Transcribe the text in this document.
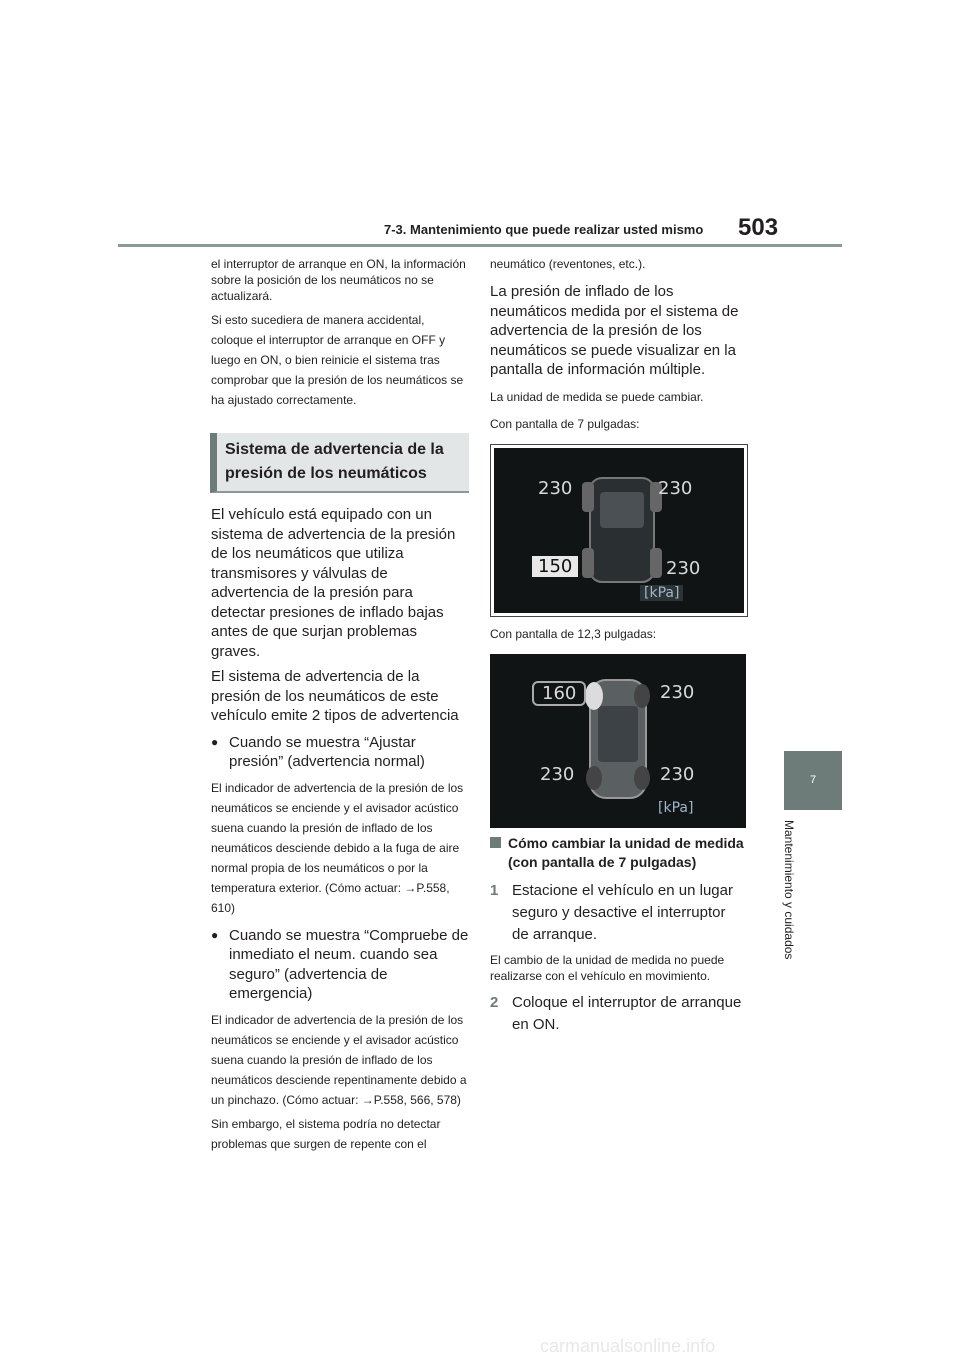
7-3. Mantenimiento que puede realizar usted mismo 503
7
Mantenimiento y cuidados

el interruptor de arranque en ON, la información sobre la posición de los neumáticos no se actualizará.

Si esto sucediera de manera accidental, coloque el interruptor de arranque en OFF y luego en ON, o bien reinicie el sistema tras comprobar que la presión de los neumáticos se ha ajustado correctamente.

Sistema de advertencia de la presión de los neumáticos

El vehículo está equipado con un sistema de advertencia de la presión de los neumáticos que utiliza transmisores y válvulas de advertencia de la presión para detectar presiones de inflado bajas antes de que surjan problemas graves.

El sistema de advertencia de la presión de los neumáticos de este vehículo emite 2 tipos de advertencia

● Cuando se muestra “Ajustar presión” (advertencia normal)

El indicador de advertencia de la presión de los neumáticos se enciende y el avisador acústico suena cuando la presión de inflado de los neumáticos desciende debido a la fuga de aire normal propia de los neumáticos o por la temperatura exterior. (Cómo actuar: →P.558, 610)

● Cuando se muestra “Compruebe de inmediato el neum. cuando sea seguro” (advertencia de emergencia)

El indicador de advertencia de la presión de los neumáticos se enciende y el avisador acústico suena cuando la presión de inflado de los neumáticos desciende repentinamente debido a un pinchazo. (Cómo actuar: →P.558, 566, 578)

Sin embargo, el sistema podría no detectar problemas que surgen de repente con el

neumático (reventones, etc.).

La presión de inflado de los neumáticos medida por el sistema de advertencia de la presión de los neumáticos se puede visualizar en la pantalla de información múltiple.

La unidad de medida se puede cambiar.

Con pantalla de 7 pulgadas:

230	230
150	230
[kPa]

Con pantalla de 12,3 pulgadas:

160	230
230	230
[kPa]

Cómo cambiar la unidad de medida (con pantalla de 7 pulgadas)

1 Estacione el vehículo en un lugar seguro y desactive el interruptor de arranque.

El cambio de la unidad de medida no puede realizarse con el vehículo en movimiento.

2 Coloque el interruptor de arranque en ON.

carmanualsonline.info
